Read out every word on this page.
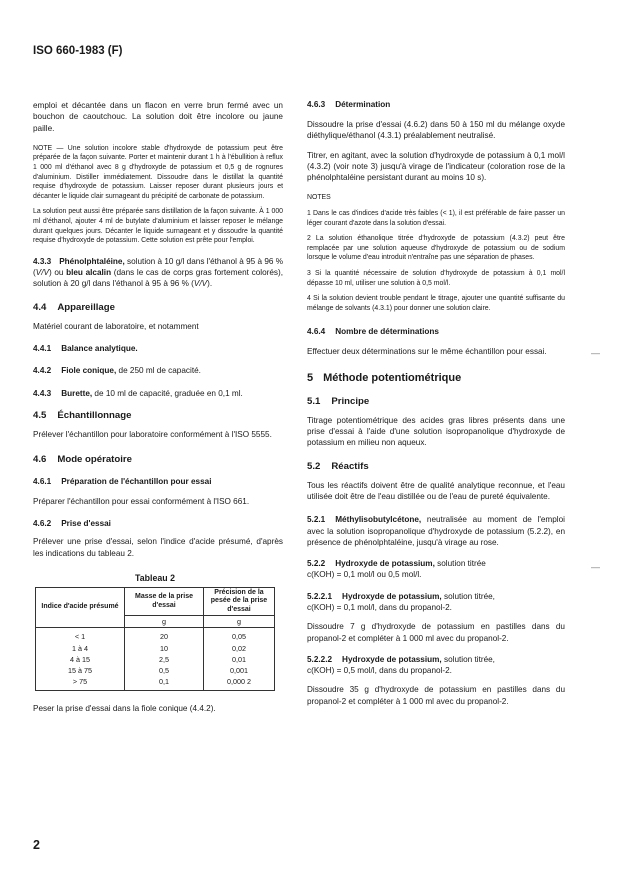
ISO 660-1983 (F)

emploi et décantée dans un flacon en verre brun fermé avec un bouchon de caoutchouc. La solution doit être incolore ou jaune paille.

NOTE — Une solution incolore stable d'hydroxyde de potassium peut être préparée de la façon suivante. Porter et maintenir durant 1 h à l'ébullition à reflux 1 000 ml d'éthanol avec 8 g d'hydroxyde de potassium et 0,5 g de rognures d'aluminium. Distiller immédiatement. Dissoudre dans le distillat la quantité requise d'hydroxyde de potassium. Laisser reposer durant plusieurs jours et décanter le liquide clair surnageant du précipité de carbonate de potassium.

La solution peut aussi être préparée sans distillation de la façon suivante. À 1 000 ml d'éthanol, ajouter 4 ml de butylate d'aluminium et laisser reposer le mélange durant quelques jours. Décanter le liquide surnageant et y dissoudre la quantité requise d'hydroxyde de potassium. Cette solution est prête pour l'emploi.

4.3.3 Phénolphtaléine, solution à 10 g/l dans l'éthanol à 95 à 96 % (V/V) ou bleu alcalin (dans le cas de corps gras fortement colorés), solution à 20 g/l dans l'éthanol à 95 à 96 % (V/V).

4.4 Appareillage

Matériel courant de laboratoire, et notamment

4.4.1 Balance analytique.

4.4.2 Fiole conique, de 250 ml de capacité.

4.4.3 Burette, de 10 ml de capacité, graduée en 0,1 ml.

4.5 Échantillonnage

Prélever l'échantillon pour laboratoire conformément à l'ISO 5555.

4.6 Mode opératoire

4.6.1 Préparation de l'échantillon pour essai

Préparer l'échantillon pour essai conformément à l'ISO 661.

4.6.2 Prise d'essai

Prélever une prise d'essai, selon l'indice d'acide présumé, d'après les indications du tableau 2.

Tableau 2

Indice d'acide présumé	Masse de la prise d'essai	Précision de la pesée de la prise d'essai
	g	g
< 1	20	0,05
1 à 4	10	0,02
4 à 15	2,5	0,01
15 à 75	0,5	0,001
> 75	0,1	0,000 2

Peser la prise d'essai dans la fiole conique (4.4.2).

4.6.3 Détermination

Dissoudre la prise d'essai (4.6.2) dans 50 à 150 ml du mélange oxyde diéthylique/éthanol (4.3.1) préalablement neutralisé.

Titrer, en agitant, avec la solution d'hydroxyde de potassium à 0,1 mol/l (4.3.2) (voir note 3) jusqu'à virage de l'indicateur (coloration rose de la phénolphtaléine persistant durant au moins 10 s).

NOTES

1 Dans le cas d'indices d'acide très faibles (< 1), il est préférable de faire passer un léger courant d'azote dans la solution d'essai.

2 La solution éthanolique titrée d'hydroxyde de potassium (4.3.2) peut être remplacée par une solution aqueuse d'hydroxyde de potassium ou de sodium lorsque le volume d'eau introduit n'entraîne pas une séparation de phases.

3 Si la quantité nécessaire de solution d'hydroxyde de potassium à 0,1 mol/l dépasse 10 ml, utiliser une solution à 0,5 mol/l.

4 Si la solution devient trouble pendant le titrage, ajouter une quantité suffisante du mélange de solvants (4.3.1) pour donner une solution claire.

4.6.4 Nombre de déterminations

Effectuer deux déterminations sur le même échantillon pour essai.

5 Méthode potentiométrique

5.1 Principe

Titrage potentiométrique des acides gras libres présents dans une prise d'essai à l'aide d'une solution isopropanolique d'hydroxyde de potassium en milieu non aqueux.

5.2 Réactifs

Tous les réactifs doivent être de qualité analytique reconnue, et l'eau utilisée doit être de l'eau distillée ou de l'eau de pureté équivalente.

5.2.1 Méthylisobutylcétone, neutralisée au moment de l'emploi avec la solution isopropanolique d'hydroxyde de potassium (5.2.2), en présence de phénolphtaléine, jusqu'à virage au rose.

5.2.2 Hydroxyde de potassium, solution titrée

c(KOH) = 0,1 mol/l ou 0,5 mol/l.

5.2.2.1 Hydroxyde de potassium, solution titrée,

c(KOH) = 0,1 mol/l, dans du propanol-2.

Dissoudre 7 g d'hydroxyde de potassium en pastilles dans du propanol-2 et compléter à 1 000 ml avec du propanol-2.

5.2.2.2 Hydroxyde de potassium, solution titrée,

c(KOH) = 0,5 mol/l, dans du propanol-2.

Dissoudre 35 g d'hydroxyde de potassium en pastilles dans du propanol-2 et compléter à 1 000 ml avec du propanol-2.

—
—
2
